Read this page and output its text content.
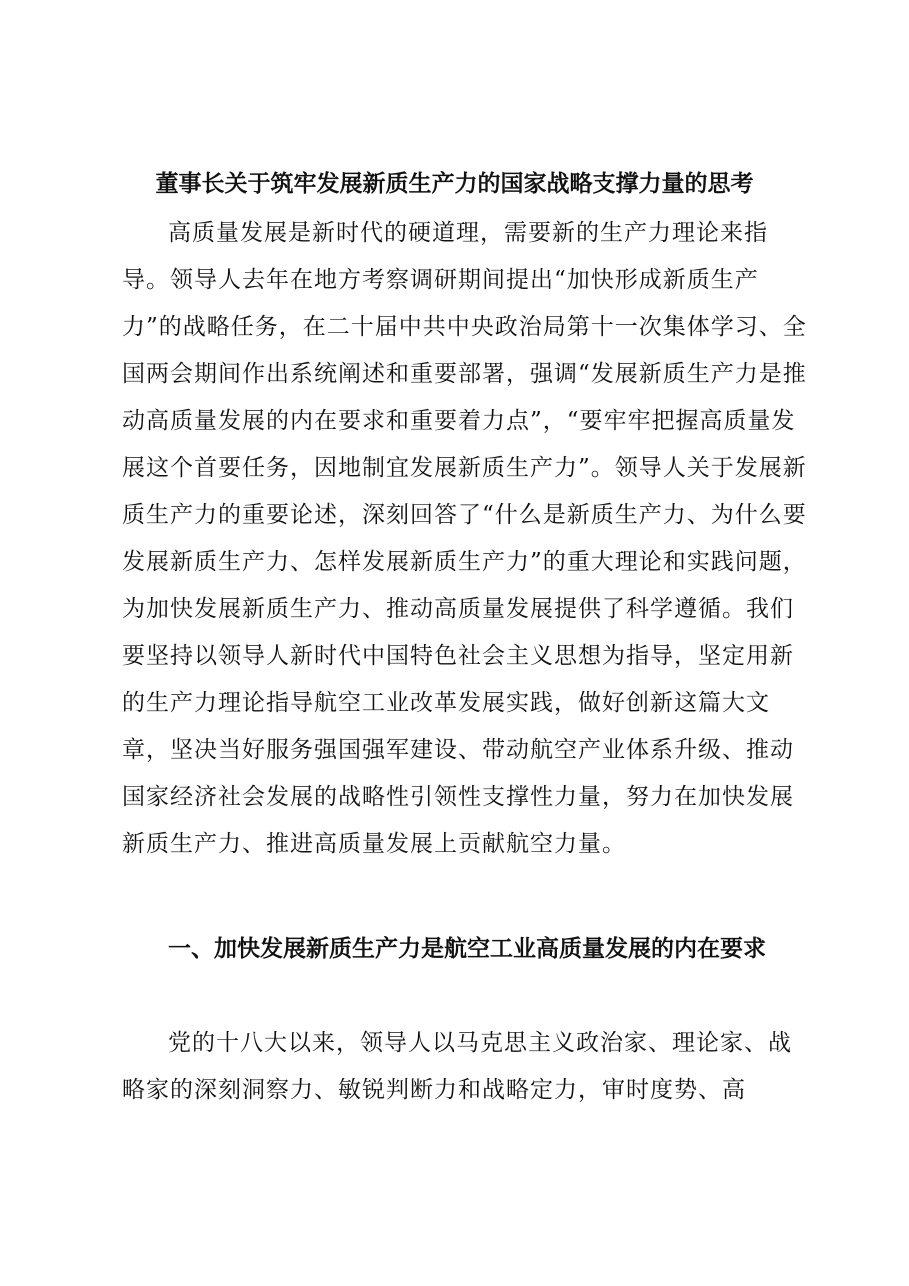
董事长关于筑牢发展新质生产力的国家战略支撑力量的思考

高质量发展是新时代的硬道理，需要新的生产力理论来指导。领导人去年在地方考察调研期间提出“加快形成新质生产力”的战略任务，在二十届中共中央政治局第十一次集体学习、全国两会期间作出系统阐述和重要部署，强调“发展新质生产力是推动高质量发展的内在要求和重要着力点”，“要牢牢把握高质量发展这个首要任务，因地制宜发展新质生产力”。领导人关于发展新质生产力的重要论述，深刻回答了“什么是新质生产力、为什么要发展新质生产力、怎样发展新质生产力”的重大理论和实践问题，为加快发展新质生产力、推动高质量发展提供了科学遵循。我们要坚持以领导人新时代中国特色社会主义思想为指导，坚定用新的生产力理论指导航空工业改革发展实践，做好创新这篇大文章，坚决当好服务强国强军建设、带动航空产业体系升级、推动国家经济社会发展的战略性引领性支撑性力量，努力在加快发展新质生产力、推进高质量发展上贡献航空力量。

一、加快发展新质生产力是航空工业高质量发展的内在要求

党的十八大以来，领导人以马克思主义政治家、理论家、战略家的深刻洞察力、敏锐判断力和战略定力，审时度势、高
